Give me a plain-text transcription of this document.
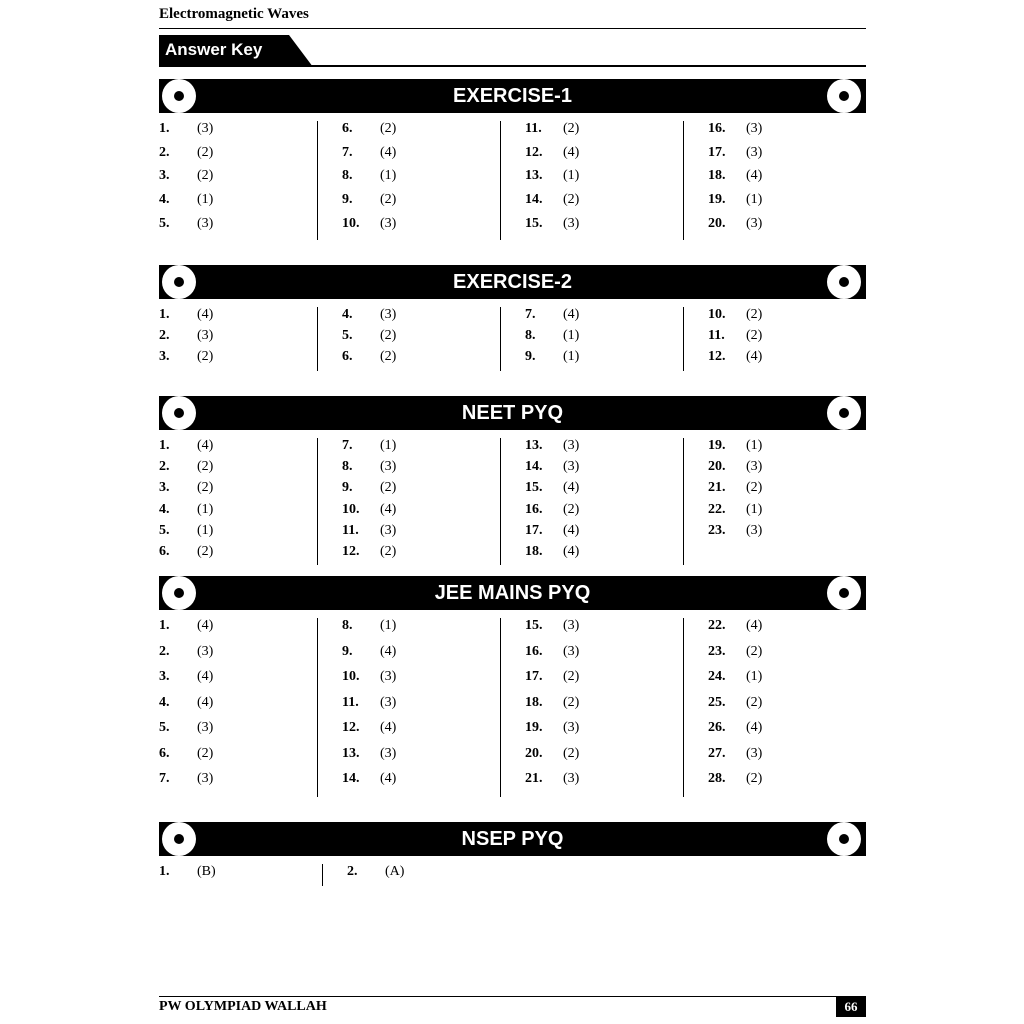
Electromagnetic Waves
Answer Key
EXERCISE-1
1. (3)
2. (2)
3. (2)
4. (1)
5. (3)
6. (2)
7. (4)
8. (1)
9. (2)
10. (3)
11. (2)
12. (4)
13. (1)
14. (2)
15. (3)
16. (3)
17. (3)
18. (4)
19. (1)
20. (3)
EXERCISE-2
1. (4)
2. (3)
3. (2)
4. (3)
5. (2)
6. (2)
7. (4)
8. (1)
9. (1)
10. (2)
11. (2)
12. (4)
NEET PYQ
1. (4)
2. (2)
3. (2)
4. (1)
5. (1)
6. (2)
7. (1)
8. (3)
9. (2)
10. (4)
11. (3)
12. (2)
13. (3)
14. (3)
15. (4)
16. (2)
17. (4)
18. (4)
19. (1)
20. (3)
21. (2)
22. (1)
23. (3)
JEE MAINS PYQ
1. (4)
2. (3)
3. (4)
4. (4)
5. (3)
6. (2)
7. (3)
8. (1)
9. (4)
10. (3)
11. (3)
12. (4)
13. (3)
14. (4)
15. (3)
16. (3)
17. (2)
18. (2)
19. (3)
20. (2)
21. (3)
22. (4)
23. (2)
24. (1)
25. (2)
26. (4)
27. (3)
28. (2)
NSEP PYQ
1. (B)	2. (A)
PW OLYMPIAD WALLAH	66
